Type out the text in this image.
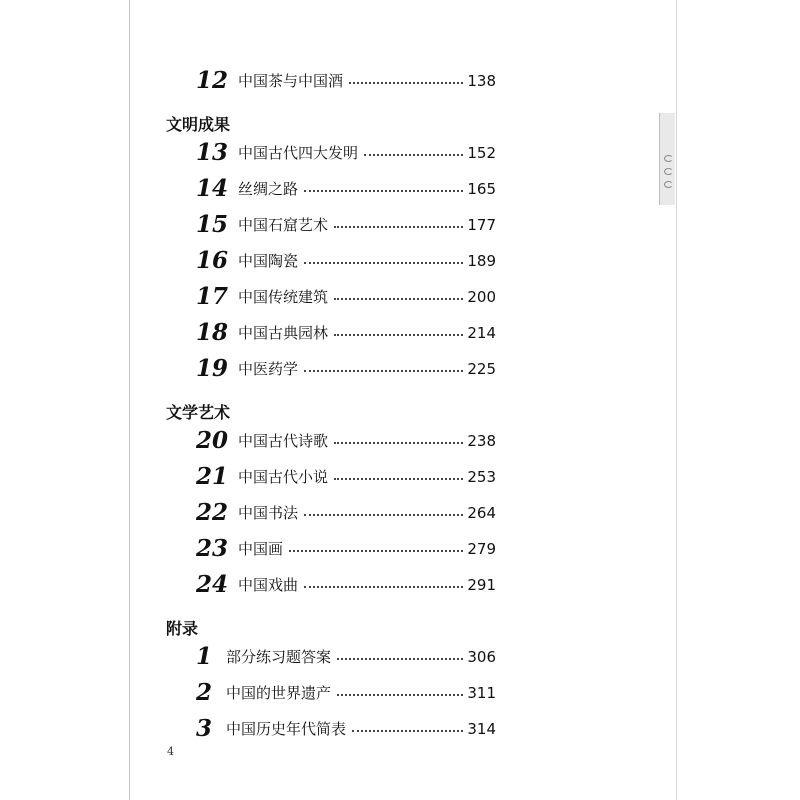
12 中国茶与中国酒	138
文明成果
13 中国古代四大发明	152
14 丝绸之路	165
15 中国石窟艺术	177
16 中国陶瓷	189
17 中国传统建筑	200
18 中国古典园林	214
19 中医药学	225
文学艺术
20 中国古代诗歌	238
21 中国古代小说	253
22 中国书法	264
23 中国画	279
24 中国戏曲	291
附录
1 部分练习题答案	306
2 中国的世界遗产	311
3 中国历史年代简表	314
4
